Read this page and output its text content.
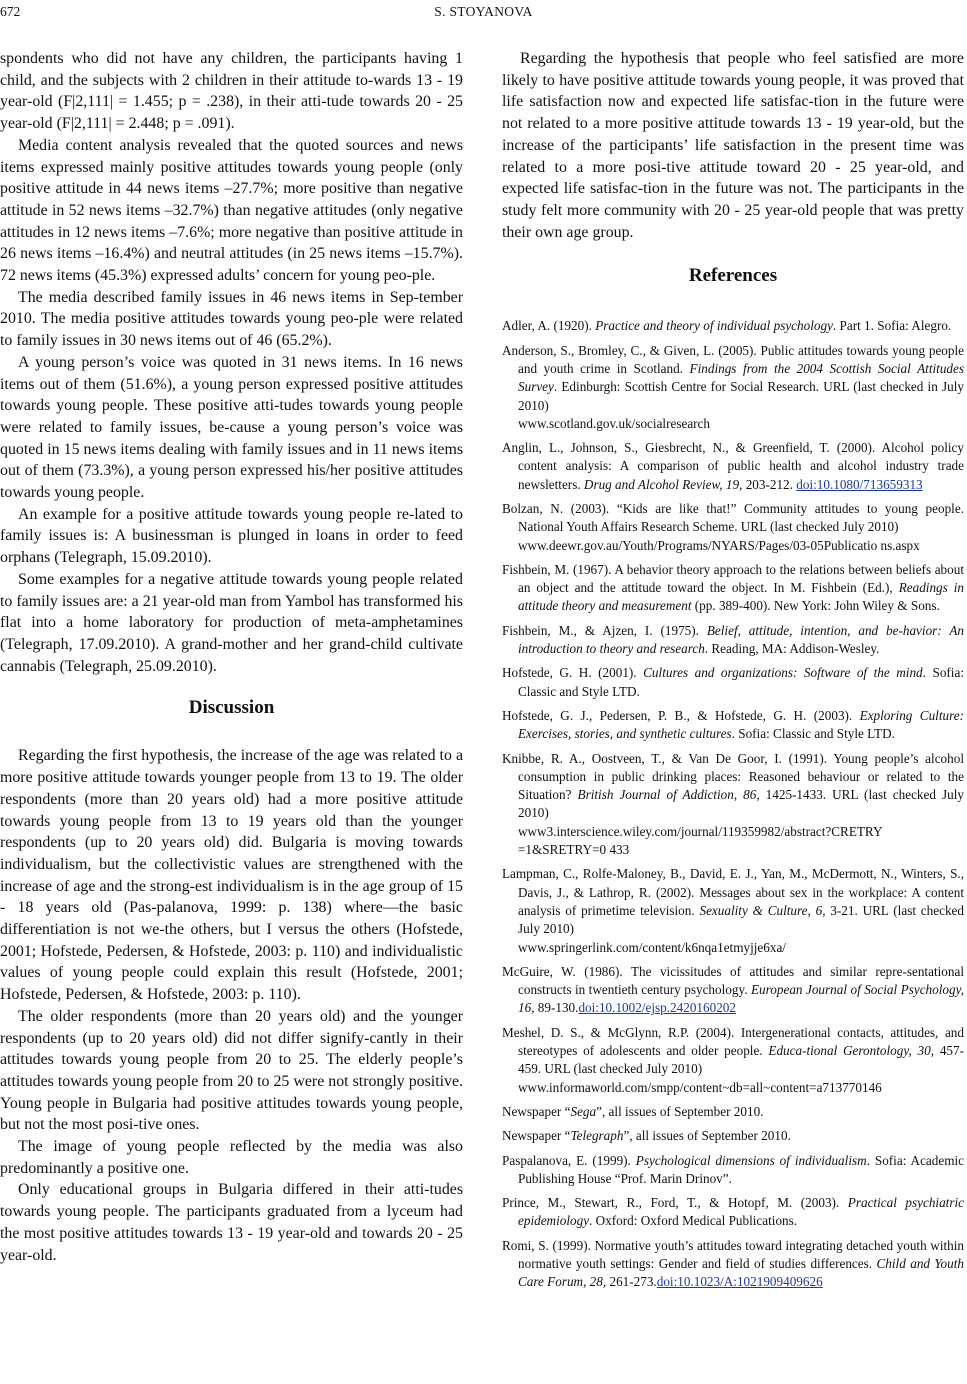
672	S. STOYANOVA

spondents who did not have any children, the participants having 1 child, and the subjects with 2 children in their attitude to-wards 13 - 19 year-old (F|2,111| = 1.455; p = .238), in their atti-tude towards 20 - 25 year-old (F|2,111| = 2.448; p = .091).

Media content analysis revealed that the quoted sources and news items expressed mainly positive attitudes towards young people (only positive attitude in 44 news items –27.7%; more positive than negative attitude in 52 news items –32.7%) than negative attitudes (only negative attitudes in 12 news items –7.6%; more negative than positive attitude in 26 news items –16.4%) and neutral attitudes (in 25 news items –15.7%). 72 news items (45.3%) expressed adults’ concern for young peo-ple.

The media described family issues in 46 news items in Sep-tember 2010. The media positive attitudes towards young peo-ple were related to family issues in 30 news items out of 46 (65.2%).

A young person’s voice was quoted in 31 news items. In 16 news items out of them (51.6%), a young person expressed positive attitudes towards young people. These positive atti-tudes towards young people were related to family issues, be-cause a young person’s voice was quoted in 15 news items dealing with family issues and in 11 news items out of them (73.3%), a young person expressed his/her positive attitudes towards young people.

An example for a positive attitude towards young people re-lated to family issues is: A businessman is plunged in loans in order to feed orphans (Telegraph, 15.09.2010).

Some examples for a negative attitude towards young people related to family issues are: a 21 year-old man from Yambol has transformed his flat into a home laboratory for production of meta-amphetamines (Telegraph, 17.09.2010). A grand-mother and her grand-child cultivate cannabis (Telegraph, 25.09.2010).

Discussion

Regarding the first hypothesis, the increase of the age was related to a more positive attitude towards younger people from 13 to 19. The older respondents (more than 20 years old) had a more positive attitude towards young people from 13 to 19 years old than the younger respondents (up to 20 years old) did. Bulgaria is moving towards individualism, but the collectivistic values are strengthened with the increase of age and the strong-est individualism is in the age group of 15 - 18 years old (Pas-palanova, 1999: p. 138) where—the basic differentiation is not we-the others, but I versus the others (Hofstede, 2001; Hofstede, Pedersen, & Hofstede, 2003: p. 110) and individualistic values of young people could explain this result (Hofstede, 2001; Hofstede, Pedersen, & Hofstede, 2003: p. 110).

The older respondents (more than 20 years old) and the younger respondents (up to 20 years old) did not differ signify-cantly in their attitudes towards young people from 20 to 25. The elderly people’s attitudes towards young people from 20 to 25 were not strongly positive. Young people in Bulgaria had positive attitudes towards young people, but not the most posi-tive ones.

The image of young people reflected by the media was also predominantly a positive one.

Only educational groups in Bulgaria differed in their atti-tudes towards young people. The participants graduated from a lyceum had the most positive attitudes towards 13 - 19 year-old and towards 20 - 25 year-old.

Regarding the hypothesis that people who feel satisfied are more likely to have positive attitude towards young people, it was proved that life satisfaction now and expected life satisfac-tion in the future were not related to a more positive attitude towards 13 - 19 year-old, but the increase of the participants’ life satisfaction in the present time was related to a more posi-tive attitude toward 20 - 25 year-old, and expected life satisfac-tion in the future was not. The participants in the study felt more community with 20 - 25 year-old people that was pretty their own age group.

References

Adler, A. (1920). Practice and theory of individual psychology. Part 1. Sofia: Alegro.

Anderson, S., Bromley, C., & Given, L. (2005). Public attitudes towards young people and youth crime in Scotland. Findings from the 2004 Scottish Social Attitudes Survey. Edinburgh: Scottish Centre for Social Research. URL (last checked in July 2010)
www.scotland.gov.uk/socialresearch

Anglin, L., Johnson, S., Giesbrecht, N., & Greenfield, T. (2000). Alcohol policy content analysis: A comparison of public health and alcohol industry trade newsletters. Drug and Alcohol Review, 19, 203-212. doi:10.1080/713659313

Bolzan, N. (2003). “Kids are like that!” Community attitudes to young people. National Youth Affairs Research Scheme. URL (last checked July 2010)
www.deewr.gov.au/Youth/Programs/NYARS/Pages/03-05Publicatio ns.aspx

Fishbein, M. (1967). A behavior theory approach to the relations between beliefs about an object and the attitude toward the object. In M. Fishbein (Ed.), Readings in attitude theory and measurement (pp. 389-400). New York: John Wiley & Sons.

Fishbein, M., & Ajzen, I. (1975). Belief, attitude, intention, and be-havior: An introduction to theory and research. Reading, MA: Addison-Wesley.

Hofstede, G. H. (2001). Cultures and organizations: Software of the mind. Sofia: Classic and Style LTD.

Hofstede, G. J., Pedersen, P. B., & Hofstede, G. H. (2003). Exploring Culture: Exercises, stories, and synthetic cultures. Sofia: Classic and Style LTD.

Knibbe, R. A., Oostveen, T., & Van De Goor, I. (1991). Young people’s alcohol consumption in public drinking places: Reasoned behaviour or related to the Situation? British Journal of Addiction, 86, 1425-1433. URL (last checked July 2010)
www3.interscience.wiley.com/journal/119359982/abstract?CRETRY =1&SRETRY=0 433

Lampman, C., Rolfe-Maloney, B., David, E. J., Yan, M., McDermott, N., Winters, S., Davis, J., & Lathrop, R. (2002). Messages about sex in the workplace: A content analysis of primetime television. Sexuality & Culture, 6, 3-21. URL (last checked July 2010)
www.springerlink.com/content/k6nqa1etmyjje6xa/

McGuire, W. (1986). The vicissitudes of attitudes and similar repre-sentational constructs in twentieth century psychology. European Journal of Social Psychology, 16, 89-130.doi:10.1002/ejsp.2420160202

Meshel, D. S., & McGlynn, R.P. (2004). Intergenerational contacts, attitudes, and stereotypes of adolescents and older people. Educa-tional Gerontology, 30, 457-459. URL (last checked July 2010)
www.informaworld.com/smpp/content~db=all~content=a713770146

Newspaper “Sega”, all issues of September 2010.

Newspaper “Telegraph”, all issues of September 2010.

Paspalanova, E. (1999). Psychological dimensions of individualism. Sofia: Academic Publishing House “Prof. Marin Drinov”.

Prince, M., Stewart, R., Ford, T., & Hotopf, M. (2003). Practical psychiatric epidemiology. Oxford: Oxford Medical Publications.

Romi, S. (1999). Normative youth’s attitudes toward integrating detached youth within normative youth settings: Gender and field of studies differences. Child and Youth Care Forum, 28, 261-273.doi:10.1023/A:1021909409626
